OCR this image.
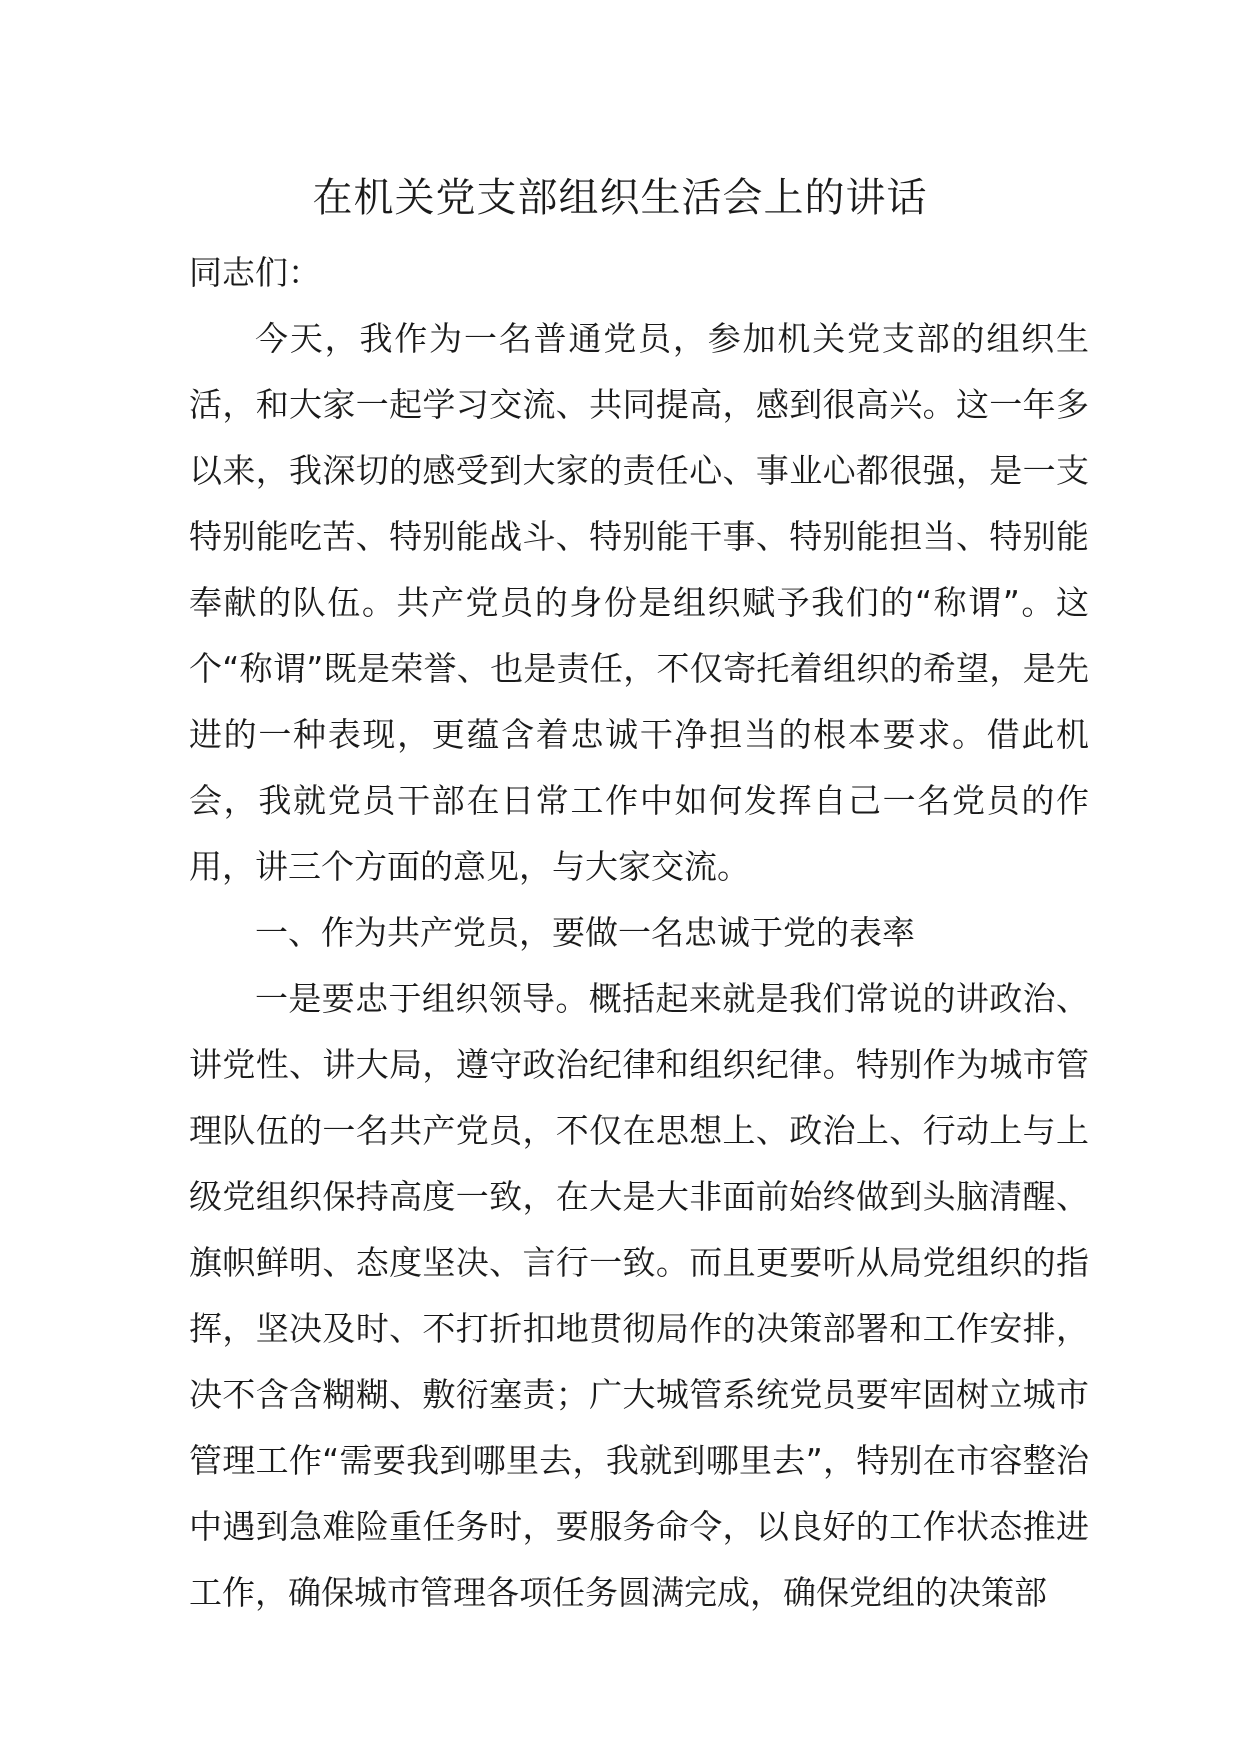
在机关党支部组织生活会上的讲话

同志们：

今天，我作为一名普通党员，参加机关党支部的组织生活，和大家一起学习交流、共同提高，感到很高兴。这一年多以来，我深切的感受到大家的责任心、事业心都很强，是一支特别能吃苦、特别能战斗、特别能干事、特别能担当、特别能奉献的队伍。共产党员的身份是组织赋予我们的“称谓”。这个“称谓”既是荣誉、也是责任，不仅寄托着组织的希望，是先进的一种表现，更蕴含着忠诚干净担当的根本要求。借此机会，我就党员干部在日常工作中如何发挥自己一名党员的作用，讲三个方面的意见，与大家交流。

一、作为共产党员，要做一名忠诚于党的表率

一是要忠于组织领导。概括起来就是我们常说的讲政治、讲党性、讲大局，遵守政治纪律和组织纪律。特别作为城市管理队伍的一名共产党员，不仅在思想上、政治上、行动上与上级党组织保持高度一致，在大是大非面前始终做到头脑清醒、旗帜鲜明、态度坚决、言行一致。而且更要听从局党组织的指挥，坚决及时、不打折扣地贯彻局作的决策部署和工作安排，决不含含糊糊、敷衍塞责；广大城管系统党员要牢固树立城市管理工作“需要我到哪里去，我就到哪里去”，特别在市容整治中遇到急难险重任务时，要服务命令，以良好的工作状态推进工作，确保城市管理各项任务圆满完成，确保党组的决策部
